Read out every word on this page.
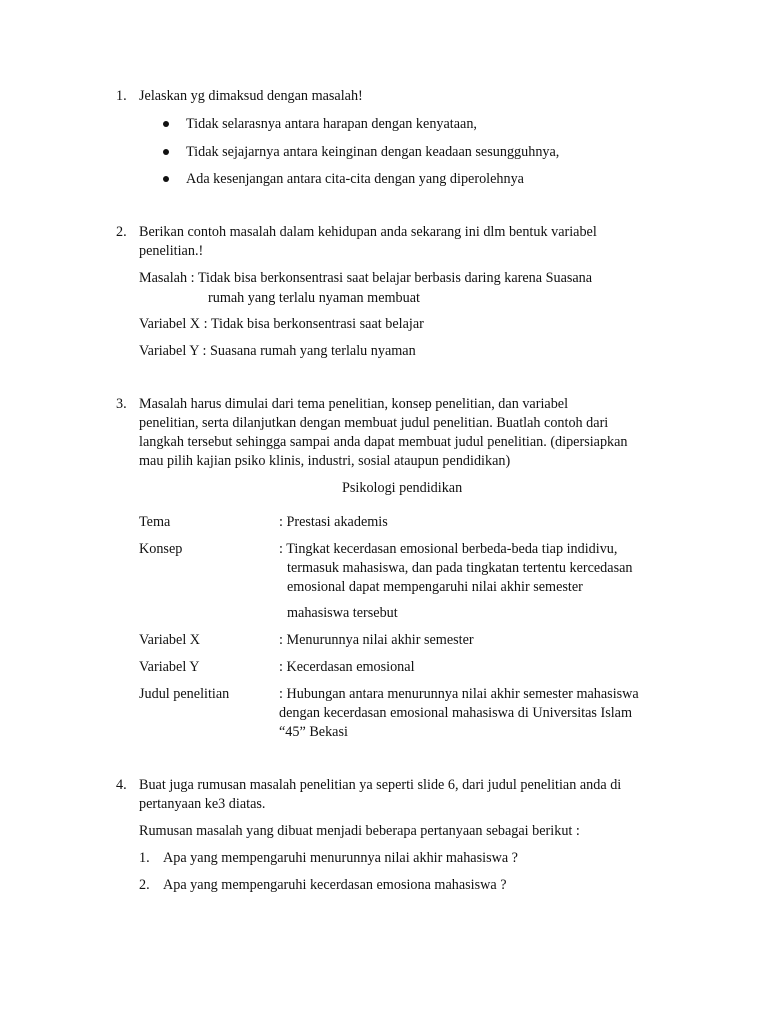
1. Jelaskan yg dimaksud dengan masalah!
Tidak selarasnya antara harapan dengan kenyataan,
Tidak sejajarnya antara keinginan dengan keadaan sesungguhnya,
Ada kesenjangan antara cita-cita dengan yang diperolehnya
2. Berikan contoh masalah dalam kehidupan anda sekarang ini dlm bentuk variabel
penelitian.!
Masalah : Tidak bisa berkonsentrasi saat belajar berbasis daring karena Suasana
rumah yang terlalu nyaman membuat
Variabel X : Tidak bisa berkonsentrasi saat belajar
Variabel Y : Suasana rumah yang terlalu nyaman
3. Masalah harus dimulai dari tema penelitian, konsep penelitian, dan variabel
penelitian, serta dilanjutkan dengan membuat judul penelitian. Buatlah contoh dari
langkah tersebut sehingga sampai anda dapat membuat judul penelitian. (dipersiapkan
mau pilih kajian psiko klinis, industri, sosial ataupun pendidikan)
Psikologi pendidikan
Tema	: Prestasi akademis
Konsep	: Tingkat kecerdasan emosional berbeda-beda tiap indidivu,
termasuk mahasiswa, dan pada tingkatan tertentu kercedasan
emosional dapat mempengaruhi nilai akhir semester
mahasiswa tersebut
Variabel X	: Menurunnya nilai akhir semester
Variabel Y	: Kecerdasan emosional
Judul penelitian	: Hubungan antara menurunnya nilai akhir semester mahasiswa
dengan kecerdasan emosional mahasiswa di Universitas Islam
“45” Bekasi
4. Buat juga rumusan masalah penelitian ya seperti slide 6, dari judul penelitian anda di
pertanyaan ke3 diatas.
Rumusan masalah yang dibuat menjadi beberapa pertanyaan sebagai berikut :
1. Apa yang mempengaruhi menurunnya nilai akhir mahasiswa ?
2. Apa yang mempengaruhi kecerdasan emosiona mahasiswa ?
